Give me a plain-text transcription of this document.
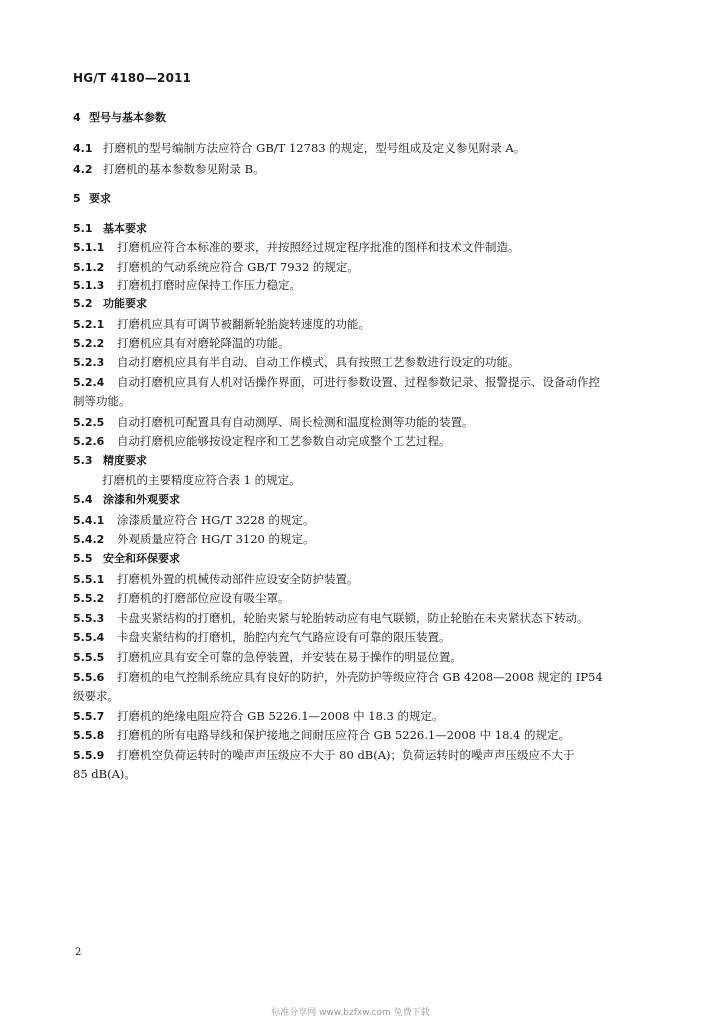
HG/T 4180—2011
4 型号与基本参数
4.1 打磨机的型号编制方法应符合 GB/T 12783 的规定，型号组成及定义参见附录 A。
4.2 打磨机的基本参数参见附录 B。
5 要求
5.1 基本要求
5.1.1	打磨机应符合本标准的要求，并按照经过规定程序批准的图样和技术文件制造。
5.1.2	打磨机的气动系统应符合 GB/T 7932 的规定。
5.1.3	打磨机打磨时应保持工作压力稳定。
5.2 功能要求
5.2.1	打磨机应具有可调节被翻新轮胎旋转速度的功能。
5.2.2	打磨机应具有对磨轮降温的功能。
5.2.3	自动打磨机应具有半自动、自动工作模式，具有按照工艺参数进行设定的功能。
5.2.4	自动打磨机应具有人机对话操作界面，可进行参数设置、过程参数记录、报警提示、设备动作控
制等功能。
5.2.5	自动打磨机可配置具有自动测厚、周长检测和温度检测等功能的装置。
5.2.6	自动打磨机应能够按设定程序和工艺参数自动完成整个工艺过程。
5.3 精度要求
打磨机的主要精度应符合表 1 的规定。
5.4 涂漆和外观要求
5.4.1	涂漆质量应符合 HG/T 3228 的规定。
5.4.2	外观质量应符合 HG/T 3120 的规定。
5.5 安全和环保要求
5.5.1	打磨机外置的机械传动部件应设安全防护装置。
5.5.2	打磨机的打磨部位应设有吸尘罩。
5.5.3	卡盘夹紧结构的打磨机，轮胎夹紧与轮胎转动应有电气联锁，防止轮胎在未夹紧状态下转动。
5.5.4	卡盘夹紧结构的打磨机，胎腔内充气气路应设有可靠的限压装置。
5.5.5	打磨机应具有安全可靠的急停装置，并安装在易于操作的明显位置。
5.5.6	打磨机的电气控制系统应具有良好的防护，外壳防护等级应符合 GB 4208—2008 规定的 IP54
级要求。
5.5.7	打磨机的绝缘电阻应符合 GB 5226.1—2008 中 18.3 的规定。
5.5.8	打磨机的所有电路导线和保护接地之间耐压应符合 GB 5226.1—2008 中 18.4 的规定。
5.5.9	打磨机空负荷运转时的噪声声压级应不大于 80 dB(A)；负荷运转时的噪声声压级应不大于
85 dB(A)。
2
标准分享网 www.bzfxw.com 免费下载
